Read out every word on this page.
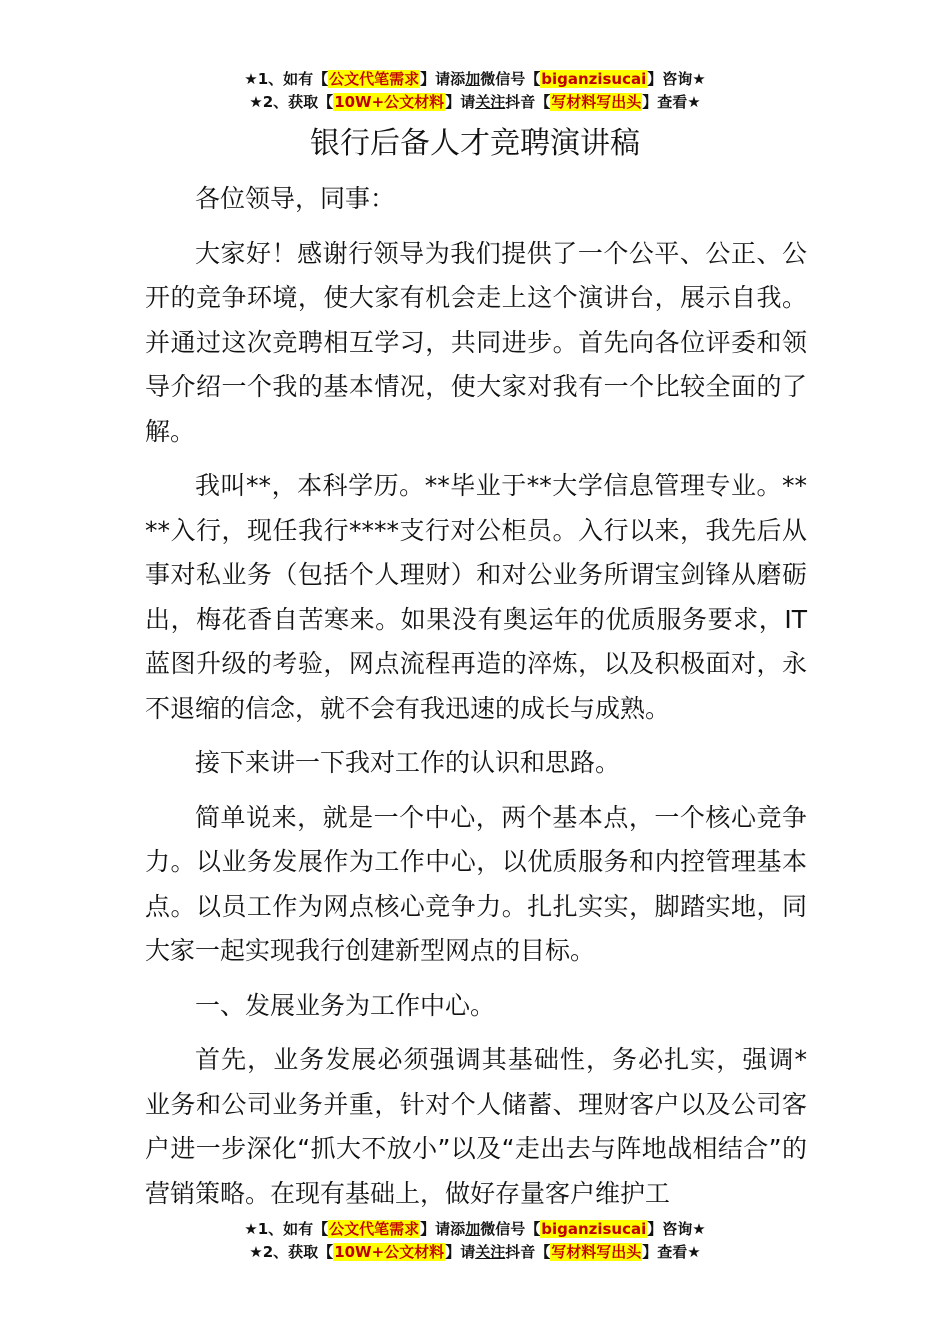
★1、如有【公文代笔需求】请添加微信号【biganzisucai】咨询★
★2、获取【10W+公文材料】请关注抖音【写材料写出头】查看★
银行后备人才竞聘演讲稿

各位领导，同事：

大家好！感谢行领导为我们提供了一个公平、公正、公开的竞争环境，使大家有机会走上这个演讲台，展示自我。并通过这次竞聘相互学习，共同进步。首先向各位评委和领导介绍一个我的基本情况，使大家对我有一个比较全面的了解。

我叫**，本科学历。**毕业于**大学信息管理专业。****入行，现任我行****支行对公柜员。入行以来，我先后从事对私业务（包括个人理财）和对公业务所谓宝剑锋从磨砺出，梅花香自苦寒来。如果没有奥运年的优质服务要求，IT蓝图升级的考验，网点流程再造的淬炼，以及积极面对，永不退缩的信念，就不会有我迅速的成长与成熟。

接下来讲一下我对工作的认识和思路。

简单说来，就是一个中心，两个基本点，一个核心竞争力。以业务发展作为工作中心，以优质服务和内控管理基本点。以员工作为网点核心竞争力。扎扎实实，脚踏实地，同大家一起实现我行创建新型网点的目标。

一、发展业务为工作中心。

首先，业务发展必须强调其基础性，务必扎实，强调*业务和公司业务并重，针对个人储蓄、理财客户以及公司客户进一步深化“抓大不放小”以及“走出去与阵地战相结合”的营销策略。在现有基础上，做好存量客户维护工

★1、如有【公文代笔需求】请添加微信号【biganzisucai】咨询★
★2、获取【10W+公文材料】请关注抖音【写材料写出头】查看★
